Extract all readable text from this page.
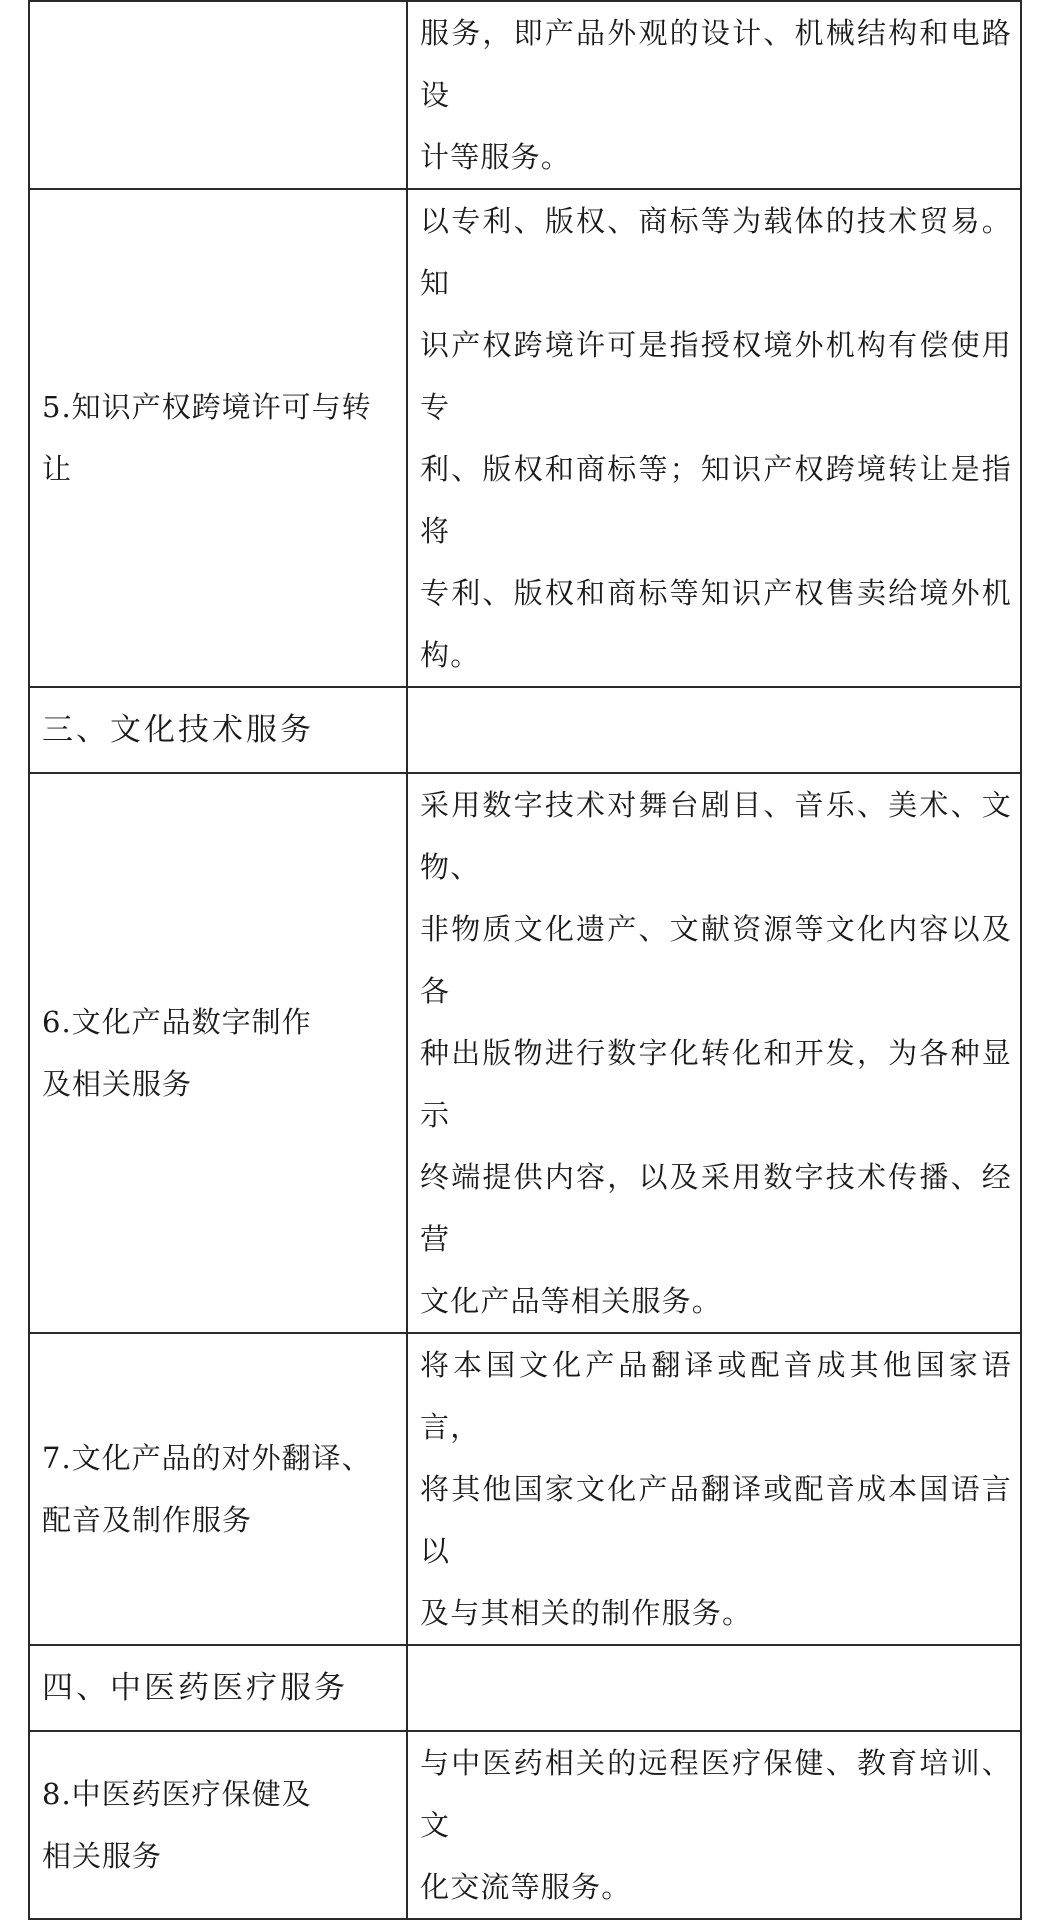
	服务，即产品外观的设计、机械结构和电路设
计等服务。

5.知识产权跨境许可与转
让	以专利、版权、商标等为载体的技术贸易。知
识产权跨境许可是指授权境外机构有偿使用专
利、版权和商标等；知识产权跨境转让是指将
专利、版权和商标等知识产权售卖给境外机构。

三、文化技术服务	

6.文化产品数字制作
及相关服务	采用数字技术对舞台剧目、音乐、美术、文物、
非物质文化遗产、文献资源等文化内容以及各
种出版物进行数字化转化和开发，为各种显示
终端提供内容，以及采用数字技术传播、经营
文化产品等相关服务。

7.文化产品的对外翻译、
配音及制作服务	将本国文化产品翻译或配音成其他国家语言，
将其他国家文化产品翻译或配音成本国语言以
及与其相关的制作服务。

四、中医药医疗服务	

8.中医药医疗保健及
相关服务	与中医药相关的远程医疗保健、教育培训、文
化交流等服务。
